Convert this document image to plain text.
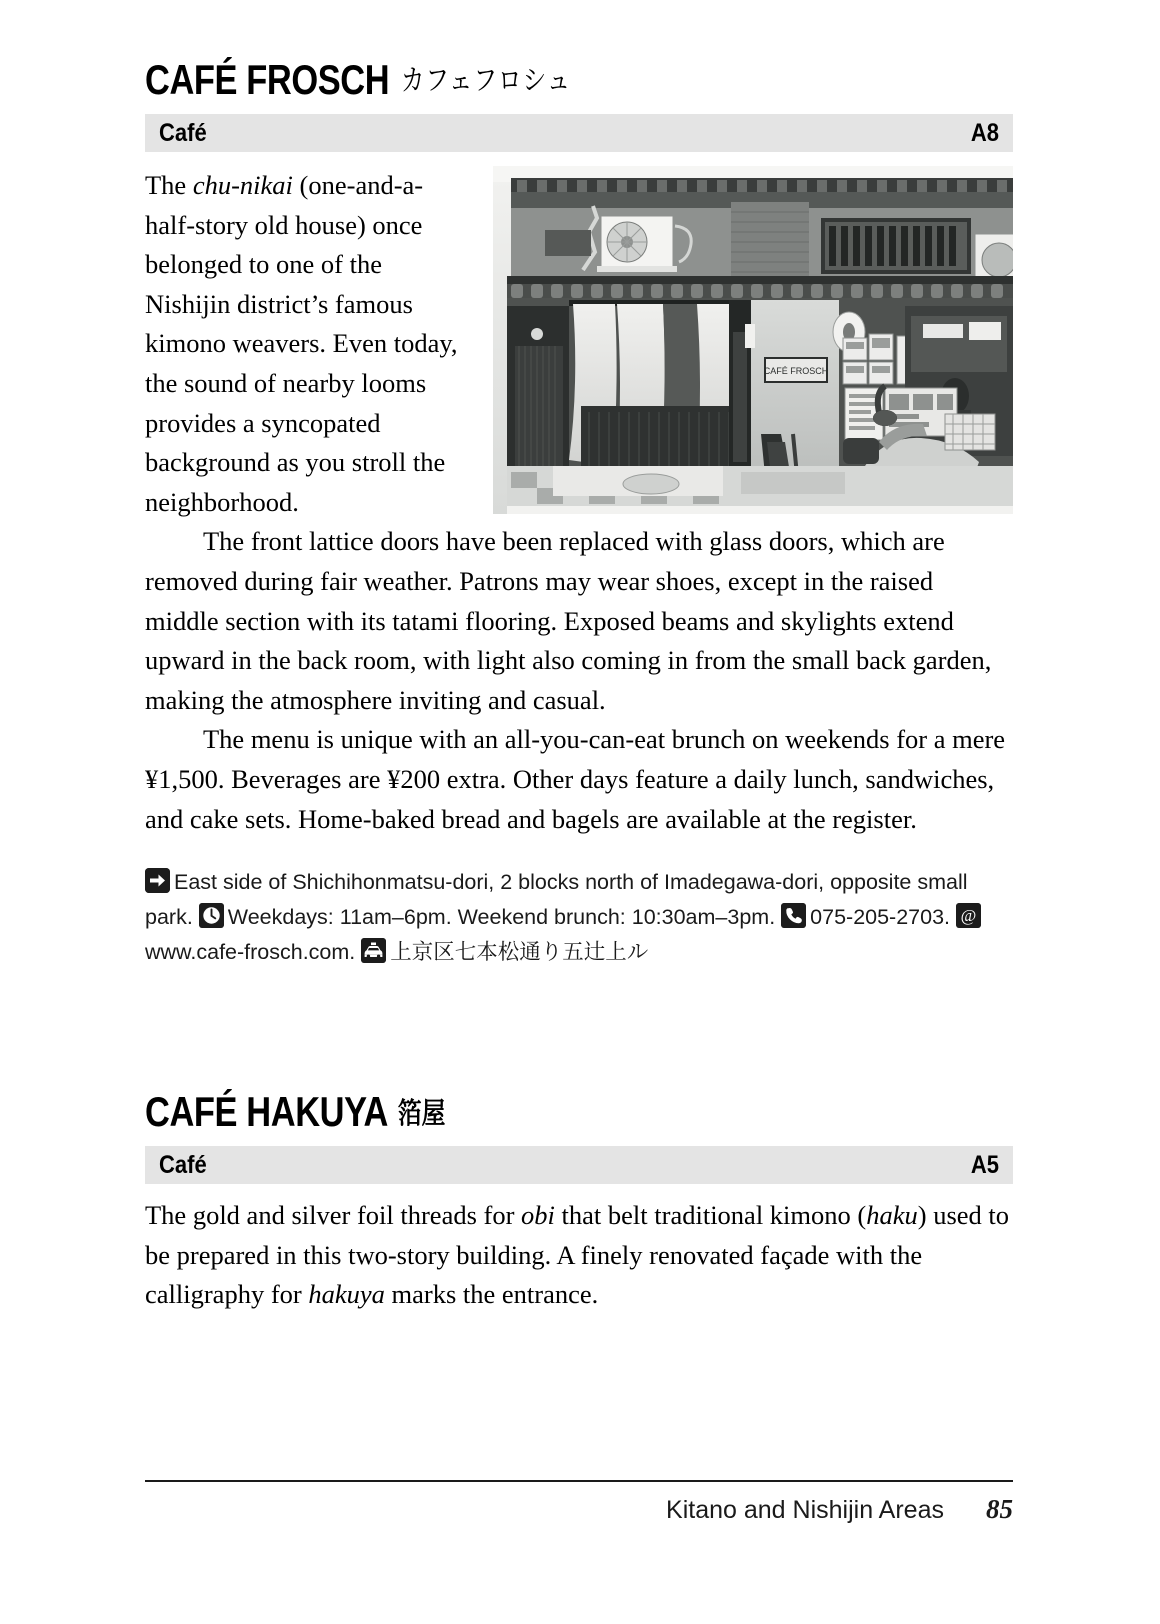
CAFÉ FROSCH カフェフロシュ
Café	A8
CAFÉ FROSCH

The chu-nikai (one-and-a-half-story old house) once belonged to one of the Nishijin district’s famous kimono weavers. Even today, the sound of nearby looms provides a syncopated background as you stroll the neighborhood.

The front lattice doors have been replaced with glass doors, which are removed during fair weather. Patrons may wear shoes, except in the raised middle section with its tatami flooring. Exposed beams and skylights extend upward in the back room, with light also coming in from the small back garden, making the atmosphere inviting and casual.

The menu is unique with an all-you-can-eat brunch on weekends for a mere ¥1,500. Beverages are ¥200 extra. Other days feature a daily lunch, sandwiches, and cake sets. Home-baked bread and bagels are available at the register.

East side of Shichihonmatsu-dori, 2 blocks north of Imadegawa-dori, opposite small park. Weekdays: 11am–6pm. Weekend brunch: 10:30am–3pm. 075-205-2703. @
www.cafe-frosch.com. 上京区七本松通り五辻上ル
CAFÉ HAKUYA 箔屋
Café	A5

The gold and silver foil threads for obi that belt traditional kimono (haku) used to be prepared in this two-story building. A finely renovated façade with the calligraphy for hakuya marks the entrance.

Kitano and Nishijin Areas 85
